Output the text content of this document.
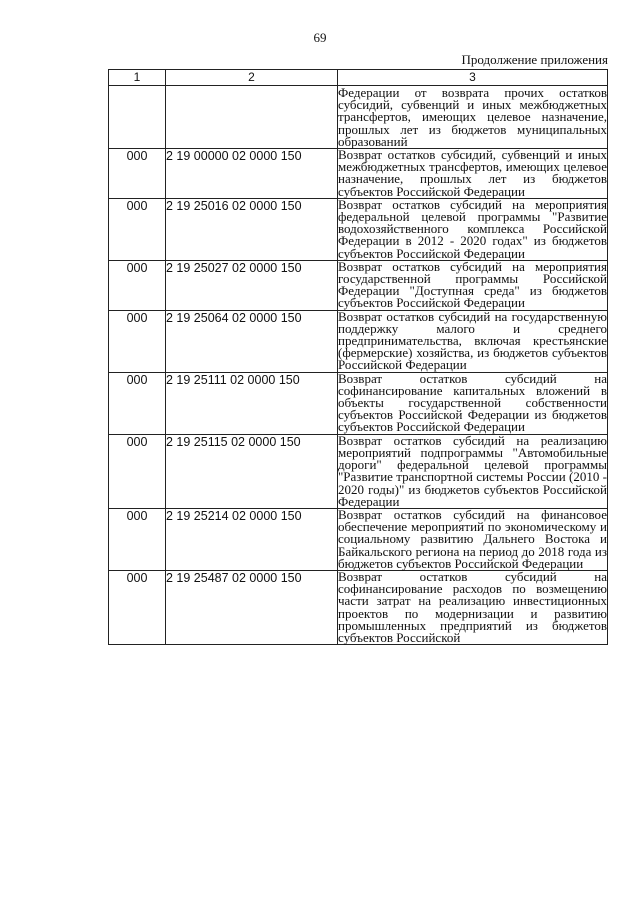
69
Продолжение приложения
1	2	3
		Федерации от возврата прочих остатков субсидий, субвенций и иных межбюджетных трансфертов, имеющих целевое назначение, прошлых лет из бюджетов муниципальных образований
000	2 19 00000 02 0000 150	Возврат остатков субсидий, субвенций и иных межбюджетных трансфертов, имеющих целевое назначение, прошлых лет из бюджетов субъектов Российской Федерации
000	2 19 25016 02 0000 150	Возврат остатков субсидий на мероприятия федеральной целевой программы "Развитие водохозяйственного комплекса Российской Федерации в 2012 - 2020 годах" из бюджетов субъектов Российской Федерации
000	2 19 25027 02 0000 150	Возврат остатков субсидий на мероприятия государственной программы Российской Федерации "Доступная среда" из бюджетов субъектов Российской Федерации
000	2 19 25064 02 0000 150	Возврат остатков субсидий на государственную поддержку малого и среднего предпринимательства, включая крестьянские (фермерские) хозяйства, из бюджетов субъектов Российской Федерации
000	2 19 25111 02 0000 150	Возврат остатков субсидий на софинансирование капитальных вложений в объекты государственной собственности субъектов Российской Федерации из бюджетов субъектов Российской Федерации
000	2 19 25115 02 0000 150	Возврат остатков субсидий на реализацию мероприятий подпрограммы "Автомобильные дороги" федеральной целевой программы "Развитие транспортной системы России (2010 - 2020 годы)" из бюджетов субъектов Российской Федерации
000	2 19 25214 02 0000 150	Возврат остатков субсидий на финансовое обеспечение мероприятий по экономическому и социальному развитию Дальнего Востока и Байкальского региона на период до 2018 года из бюджетов субъектов Российской Федерации
000	2 19 25487 02 0000 150	Возврат остатков субсидий на софинансирование расходов по возмещению части затрат на реализацию инвестиционных проектов по модернизации и развитию промышленных предприятий из бюджетов субъектов Российской
